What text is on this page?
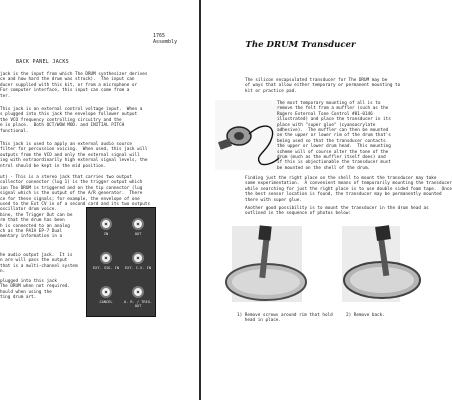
1765
Assembly
BACK PANEL JACKS
jack is the input from which The DRUM synthesizer derives
ce and how hard the drum was struck).  The input can
ducer supplied with this kit, or from a microphone or
For computer interface, this input can come from a
ter.
This jack is an external control voltage input.  When a
s plugged into this jack the envelope follower output
the VCO frequency controlling circuitry and the
e in place.  Both OCT/WOW MOD. and INITIAL PITCH
functional.
This jack is used to apply an external audio source
filter for percussion voicing.  When used, this jack will
outputs from the VCO and only the external signal will
ing with extraordinarily high external signal levels, the
ntrol should be kept in the mid position.
ut) - This is a stereo jack that carries two output
collector connector (lug 1) is the trigger output which
ion The DRUM is triggered and on the tip connector (lug
signal which is the output of the A/R generator.  There
ce for these signals; for example, the envelope of one
used to the Ext CV in of a second card and its two outputs
oscillator drum voice.
bine, the Trigger Out can be
rm that the drum has been
h is connected to an analog
ch as the PAIA EP-7 Dual
mentary information in a
he audio output jack.  It is
n are will pass the output
that is a multi-channel system
n.
plugged into this jack
The DRUM when not required.
hould when using the
ting drum art.
IN	OUT
EXT. SIG. IN	EXT. C.V. IN
CANCEL	A. R. / TRIG. OUT
The DRUM Transducer
The silicon encapsulated transducer for The DRUM may be
of ways that allow either temporary or permanent mounting to
kit or practice pad.
The most temporary mounting of all is to
remove the felt from a muffler (such as the
Rogers External Tone Control #81-0146
illustrated) and place the transducer in its
place with "super glue" (cyanoacrylate
adhesive).  The muffler can then be mounted
on the upper or lower rim of the drum that's
being used so that the transducer contacts
the upper or lower drum head.  This mounting
scheme will of course alter the tone of the
drum (much as the muffler itself does) and
if this is objectionable the transducer must
be mounted on the shell of the drum.
Finding just the right place on the shell to mount the transducer may take
some experimentation.  A convenient means of temporarily mounting the transducer
while searching for just the right place is to use double sided foam tape.  Once
the best sensor location is found, the transducer may be permanently mounted
there with super glue.
Another good possibility is to mount the transducer in the drum head as
outlined in the sequence of photos below:
1) Remove screws around rim that hold
head in place.
2) Remove back.
